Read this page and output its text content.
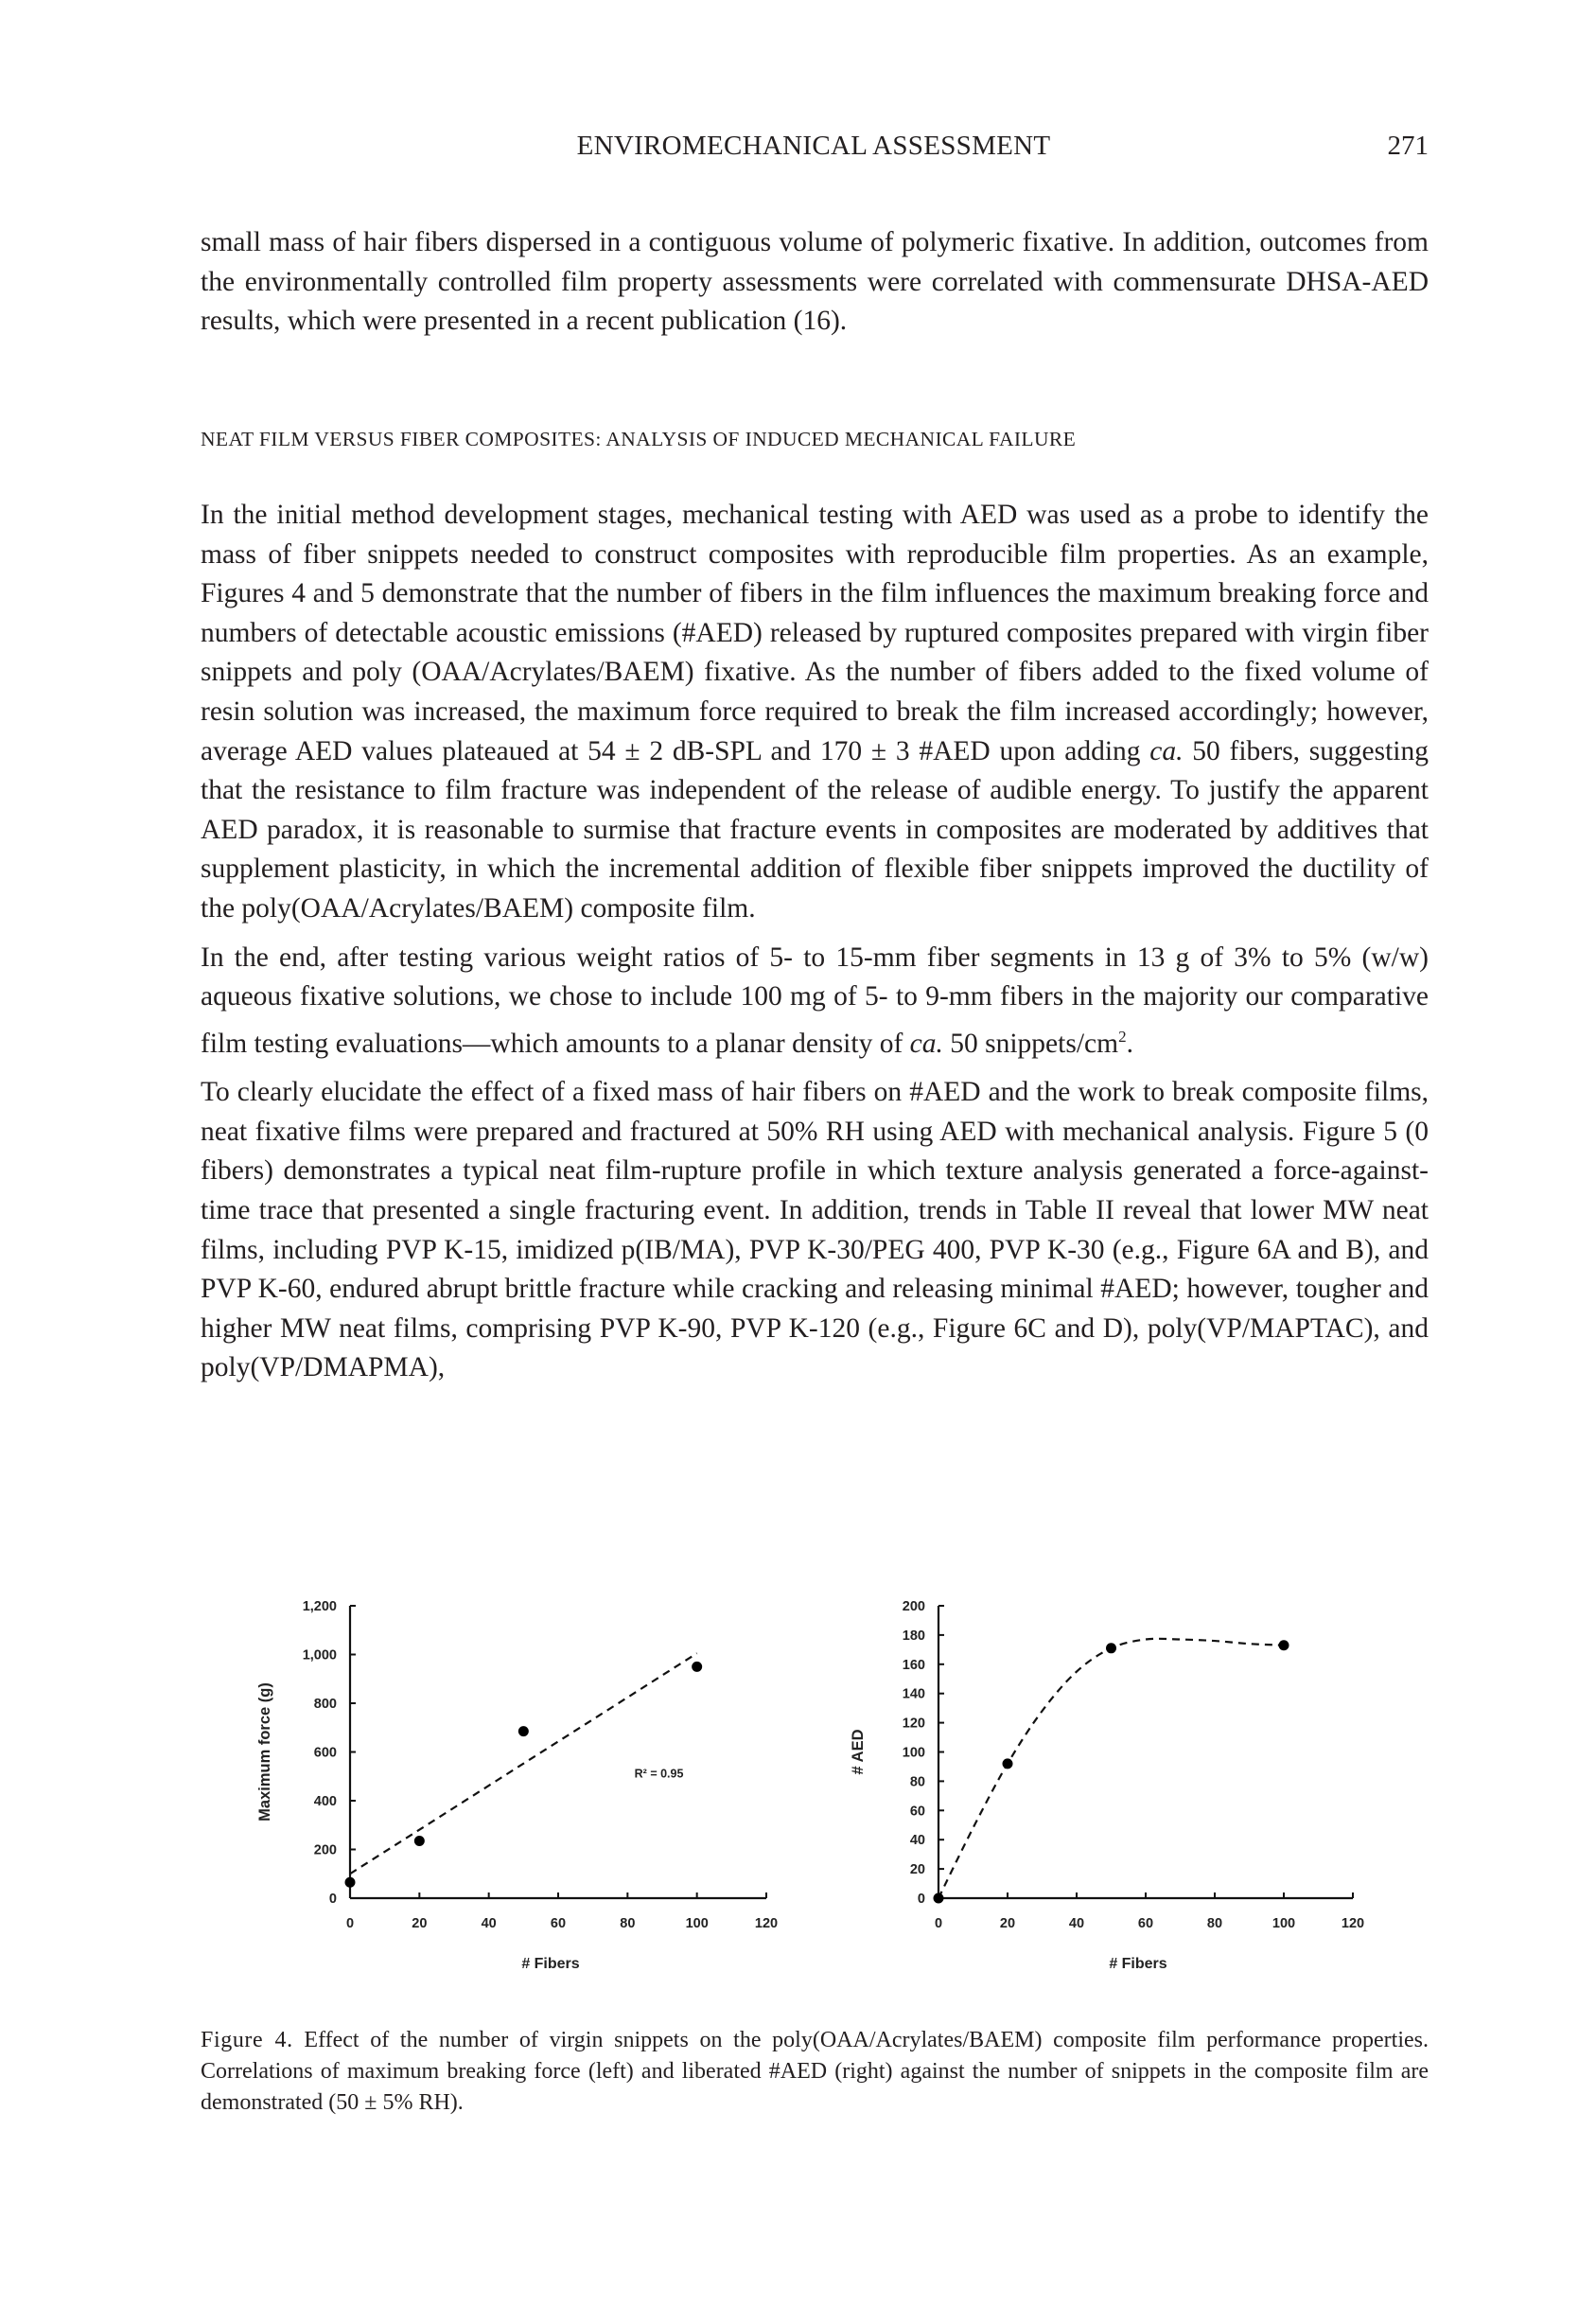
ENVIROMECHANICAL ASSESSMENT	271

small mass of hair fibers dispersed in a contiguous volume of polymeric fixative. In addition, outcomes from the environmentally controlled film property assessments were correlated with commensurate DHSA-AED results, which were presented in a recent publication (16).

NEAT FILM VERSUS FIBER COMPOSITES: ANALYSIS OF INDUCED MECHANICAL FAILURE

In the initial method development stages, mechanical testing with AED was used as a probe to identify the mass of fiber snippets needed to construct composites with reproducible film properties. As an example, Figures 4 and 5 demonstrate that the number of fibers in the film influences the maximum breaking force and numbers of detectable acoustic emissions (#AED) released by ruptured composites prepared with virgin fiber snippets and poly (OAA/Acrylates/BAEM) fixative. As the number of fibers added to the fixed volume of resin solution was increased, the maximum force required to break the film increased accordingly; however, average AED values plateaued at 54 ± 2 dB-SPL and 170 ± 3 #AED upon adding ca. 50 fibers, suggesting that the resistance to film fracture was independent of the release of audible energy. To justify the apparent AED paradox, it is reasonable to surmise that fracture events in composites are moderated by additives that supplement plasticity, in which the incremental addition of flexible fiber snippets improved the ductility of the poly(OAA/Acrylates/BAEM) composite film.

In the end, after testing various weight ratios of 5- to 15-mm fiber segments in 13 g of 3% to 5% (w/w) aqueous fixative solutions, we chose to include 100 mg of 5- to 9-mm fibers in the majority our comparative film testing evaluations—which amounts to a planar density of ca. 50 snippets/$cm^2$.

To clearly elucidate the effect of a fixed mass of hair fibers on #AED and the work to break composite films, neat fixative films were prepared and fractured at 50% RH using AED with mechanical analysis. Figure 5 (0 fibers) demonstrates a typical neat film-rupture profile in which texture analysis generated a force-against-time trace that presented a single fracturing event. In addition, trends in Table II reveal that lower MW neat films, including PVP K-15, imidized p(IB/MA), PVP K-30/PEG 400, PVP K-30 (e.g., Figure 6A and B), and PVP K-60, endured abrupt brittle fracture while cracking and releasing minimal #AED; however, tougher and higher MW neat films, comprising PVP K-90, PVP K-120 (e.g., Figure 6C and D), poly(VP/MAPTAC), and poly(VP/DMAPMA),

0
200
400
600
800
1,000
1,200
0	20	40	60	80	100	120
# Fibers
Maximum force (g)	R² = 0.95
0
20
40
60
80
100
120
140
160
180
200
0	20	40	60	80	100	120
# Fibers
# AED
Figure 4. Effect of the number of virgin snippets on the poly(OAA/Acrylates/BAEM) composite film performance properties. Correlations of maximum breaking force (left) and liberated #AED (right) against the number of snippets in the composite film are demonstrated (50 ± 5% RH).
